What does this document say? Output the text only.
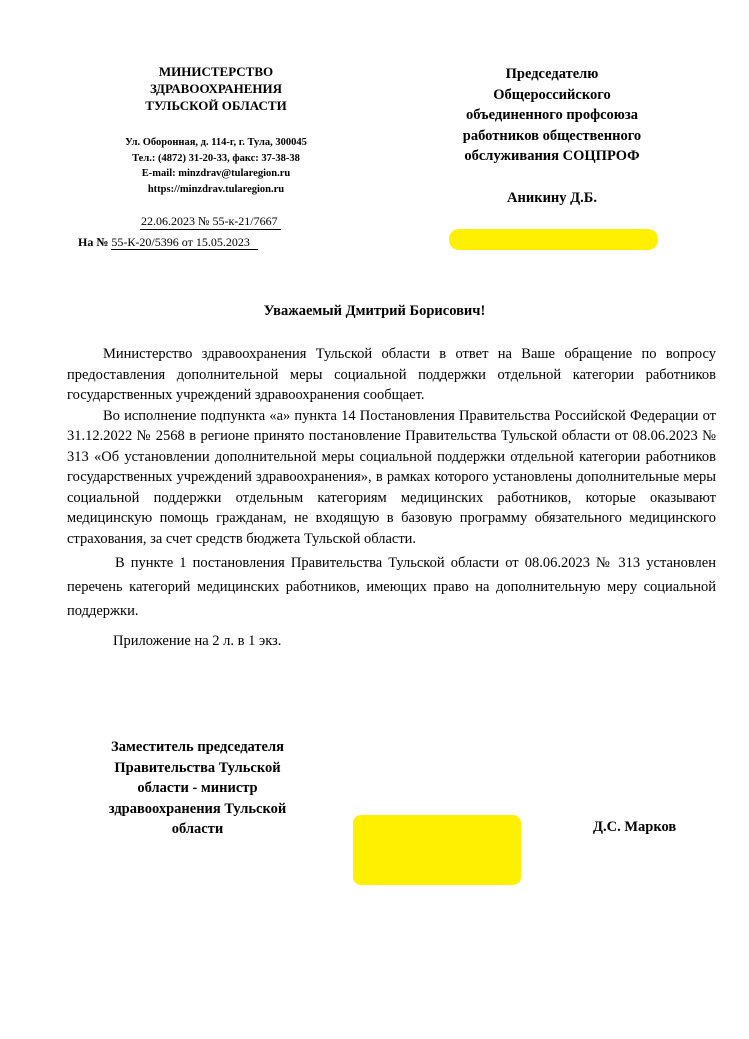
МИНИСТЕРСТВО
ЗДРАВООХРАНЕНИЯ
ТУЛЬСКОЙ ОБЛАСТИ
Ул. Оборонная, д. 114-г, г. Тула, 300045
Тел.: (4872) 31-20-33, факс: 37-38-38
E-mail: minzdrav@tularegion.ru
https://minzdrav.tularegion.ru
22.06.2023 № 55-к-21/7667
На № 55-К-20/5396 от 15.05.2023
Председателю
Общероссийского
объединенного профсоюза
работников общественного
обслуживания СОЦПРОФ
Аникину Д.Б.
Уважаемый Дмитрий Борисович!

Министерство здравоохранения Тульской области в ответ на Ваше обращение по вопросу предоставления дополнительной меры социальной поддержки отдельной категории работников государственных учреждений здравоохранения сообщает.

Во исполнение подпункта «а» пункта 14 Постановления Правительства Российской Федерации от 31.12.2022 № 2568 в регионе принято постановление Правительства Тульской области от 08.06.2023 № 313 «Об установлении дополнительной меры социальной поддержки отдельной категории работников государственных учреждений здравоохранения», в рамках которого установлены дополнительные меры социальной поддержки отдельным категориям медицинских работников, которые оказывают медицинскую помощь гражданам, не входящую в базовую программу обязательного медицинского страхования, за счет средств бюджета Тульской области.

В пункте 1 постановления Правительства Тульской области от 08.06.2023 № 313 установлен перечень категорий медицинских работников, имеющих право на дополнительную меру социальной поддержки.

Приложение на 2 л. в 1 экз.

Заместитель председателя
Правительства Тульской
области - министр
здравоохранения Тульской
области	Д.С. Марков
